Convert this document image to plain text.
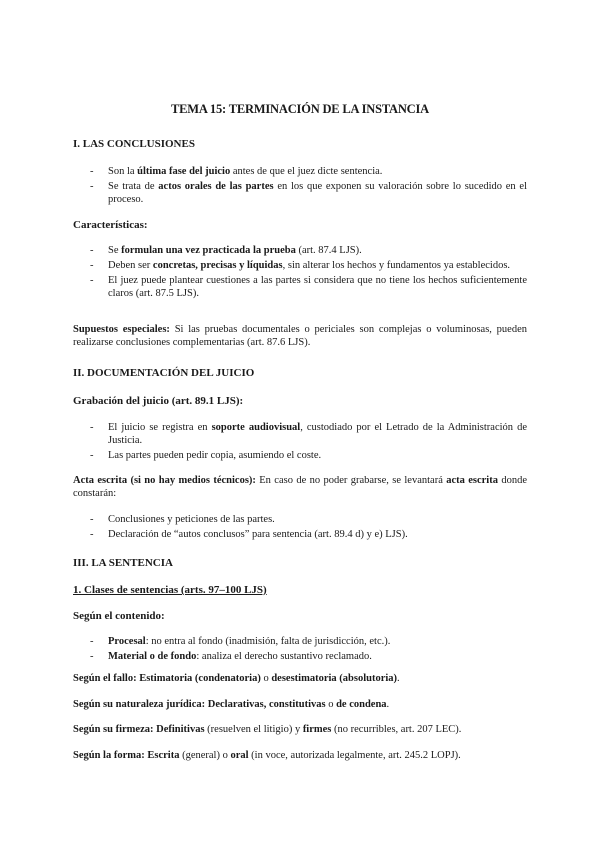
TEMA 15: TERMINACIÓN DE LA INSTANCIA
I. LAS CONCLUSIONES
- Son la última fase del juicio antes de que el juez dicte sentencia.
- Se trata de actos orales de las partes en los que exponen su valoración sobre lo sucedido en el proceso.
Características:
- Se formulan una vez practicada la prueba (art. 87.4 LJS).
- Deben ser concretas, precisas y líquidas, sin alterar los hechos y fundamentos ya establecidos.
- El juez puede plantear cuestiones a las partes si considera que no tiene los hechos suficientemente claros (art. 87.5 LJS).
Supuestos especiales: Si las pruebas documentales o periciales son complejas o voluminosas, pueden realizarse conclusiones complementarias (art. 87.6 LJS).
II. DOCUMENTACIÓN DEL JUICIO
Grabación del juicio (art. 89.1 LJS):
- El juicio se registra en soporte audiovisual, custodiado por el Letrado de la Administración de Justicia.
- Las partes pueden pedir copia, asumiendo el coste.
Acta escrita (si no hay medios técnicos): En caso de no poder grabarse, se levantará acta escrita donde constarán:
- Conclusiones y peticiones de las partes.
- Declaración de “autos conclusos” para sentencia (art. 89.4 d) y e) LJS).
III. LA SENTENCIA
1. Clases de sentencias (arts. 97–100 LJS)
Según el contenido:
- Procesal: no entra al fondo (inadmisión, falta de jurisdicción, etc.).
- Material o de fondo: analiza el derecho sustantivo reclamado.
Según el fallo: Estimatoria (condenatoria) o desestimatoria (absolutoria).
Según su naturaleza jurídica: Declarativas, constitutivas o de condena.
Según su firmeza: Definitivas (resuelven el litigio) y firmes (no recurribles, art. 207 LEC).
Según la forma: Escrita (general) o oral (in voce, autorizada legalmente, art. 245.2 LOPJ).
